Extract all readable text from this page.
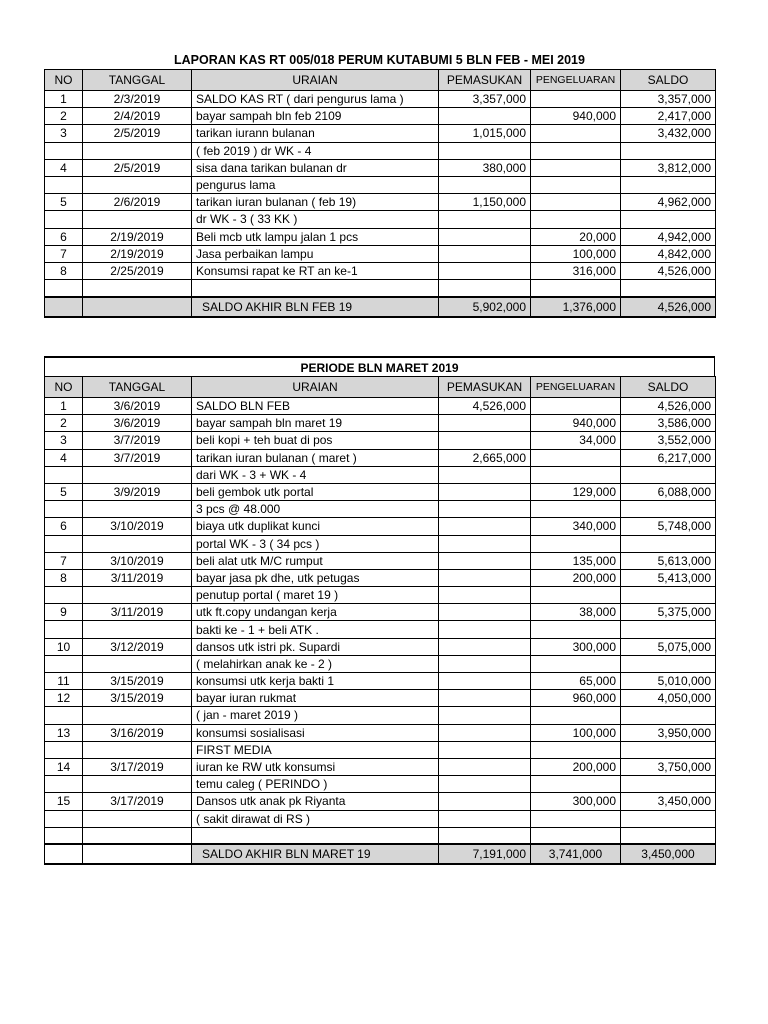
LAPORAN KAS RT 005/018 PERUM KUTABUMI 5 BLN FEB - MEI 2019
NO	TANGGAL	URAIAN	PEMASUKAN	PENGELUARAN	SALDO
1	2/3/2019	SALDO KAS RT ( dari pengurus lama )	3,357,000		3,357,000
2	2/4/2019	bayar sampah bln feb 2109		940,000	2,417,000
3	2/5/2019	tarikan iurann bulanan	1,015,000		3,432,000
		( feb 2019 ) dr WK - 4			
4	2/5/2019	sisa dana tarikan bulanan dr	380,000		3,812,000
		pengurus lama			
5	2/6/2019	tarikan iuran bulanan ( feb 19)	1,150,000		4,962,000
		dr WK - 3 ( 33 KK )			
6	2/19/2019	Beli mcb utk lampu jalan 1 pcs		20,000	4,942,000
7	2/19/2019	Jasa perbaikan lampu		100,000	4,842,000
8	2/25/2019	Konsumsi rapat ke RT an ke-1		316,000	4,526,000

		SALDO AKHIR BLN FEB 19	5,902,000	1,376,000	4,526,000
PERIODE BLN MARET 2019
NO	TANGGAL	URAIAN	PEMASUKAN	PENGELUARAN	SALDO
1	3/6/2019	SALDO BLN FEB	4,526,000		4,526,000
2	3/6/2019	bayar sampah bln maret 19		940,000	3,586,000
3	3/7/2019	beli kopi + teh buat di pos		34,000	3,552,000
4	3/7/2019	tarikan iuran bulanan ( maret )	2,665,000		6,217,000
		dari WK - 3 + WK - 4			
5	3/9/2019	beli gembok utk portal		129,000	6,088,000
		3 pcs @ 48.000			
6	3/10/2019	biaya utk duplikat kunci		340,000	5,748,000
		portal WK - 3 ( 34 pcs )			
7	3/10/2019	beli alat utk M/C rumput		135,000	5,613,000
8	3/11/2019	bayar jasa pk dhe, utk petugas		200,000	5,413,000
		penutup portal ( maret 19 )			
9	3/11/2019	utk ft.copy undangan kerja		38,000	5,375,000
		bakti ke - 1 + beli ATK .			
10	3/12/2019	dansos utk istri pk. Supardi		300,000	5,075,000
		( melahirkan anak ke - 2 )			
11	3/15/2019	konsumsi utk kerja bakti 1		65,000	5,010,000
12	3/15/2019	bayar iuran rukmat		960,000	4,050,000
		( jan - maret 2019 )			
13	3/16/2019	konsumsi sosialisasi		100,000	3,950,000
		FIRST MEDIA			
14	3/17/2019	iuran ke RW utk konsumsi		200,000	3,750,000
		temu caleg ( PERINDO )			
15	3/17/2019	Dansos utk anak pk Riyanta		300,000	3,450,000
		( sakit dirawat di RS )			

		SALDO AKHIR BLN MARET 19	7,191,000	3,741,000	3,450,000
